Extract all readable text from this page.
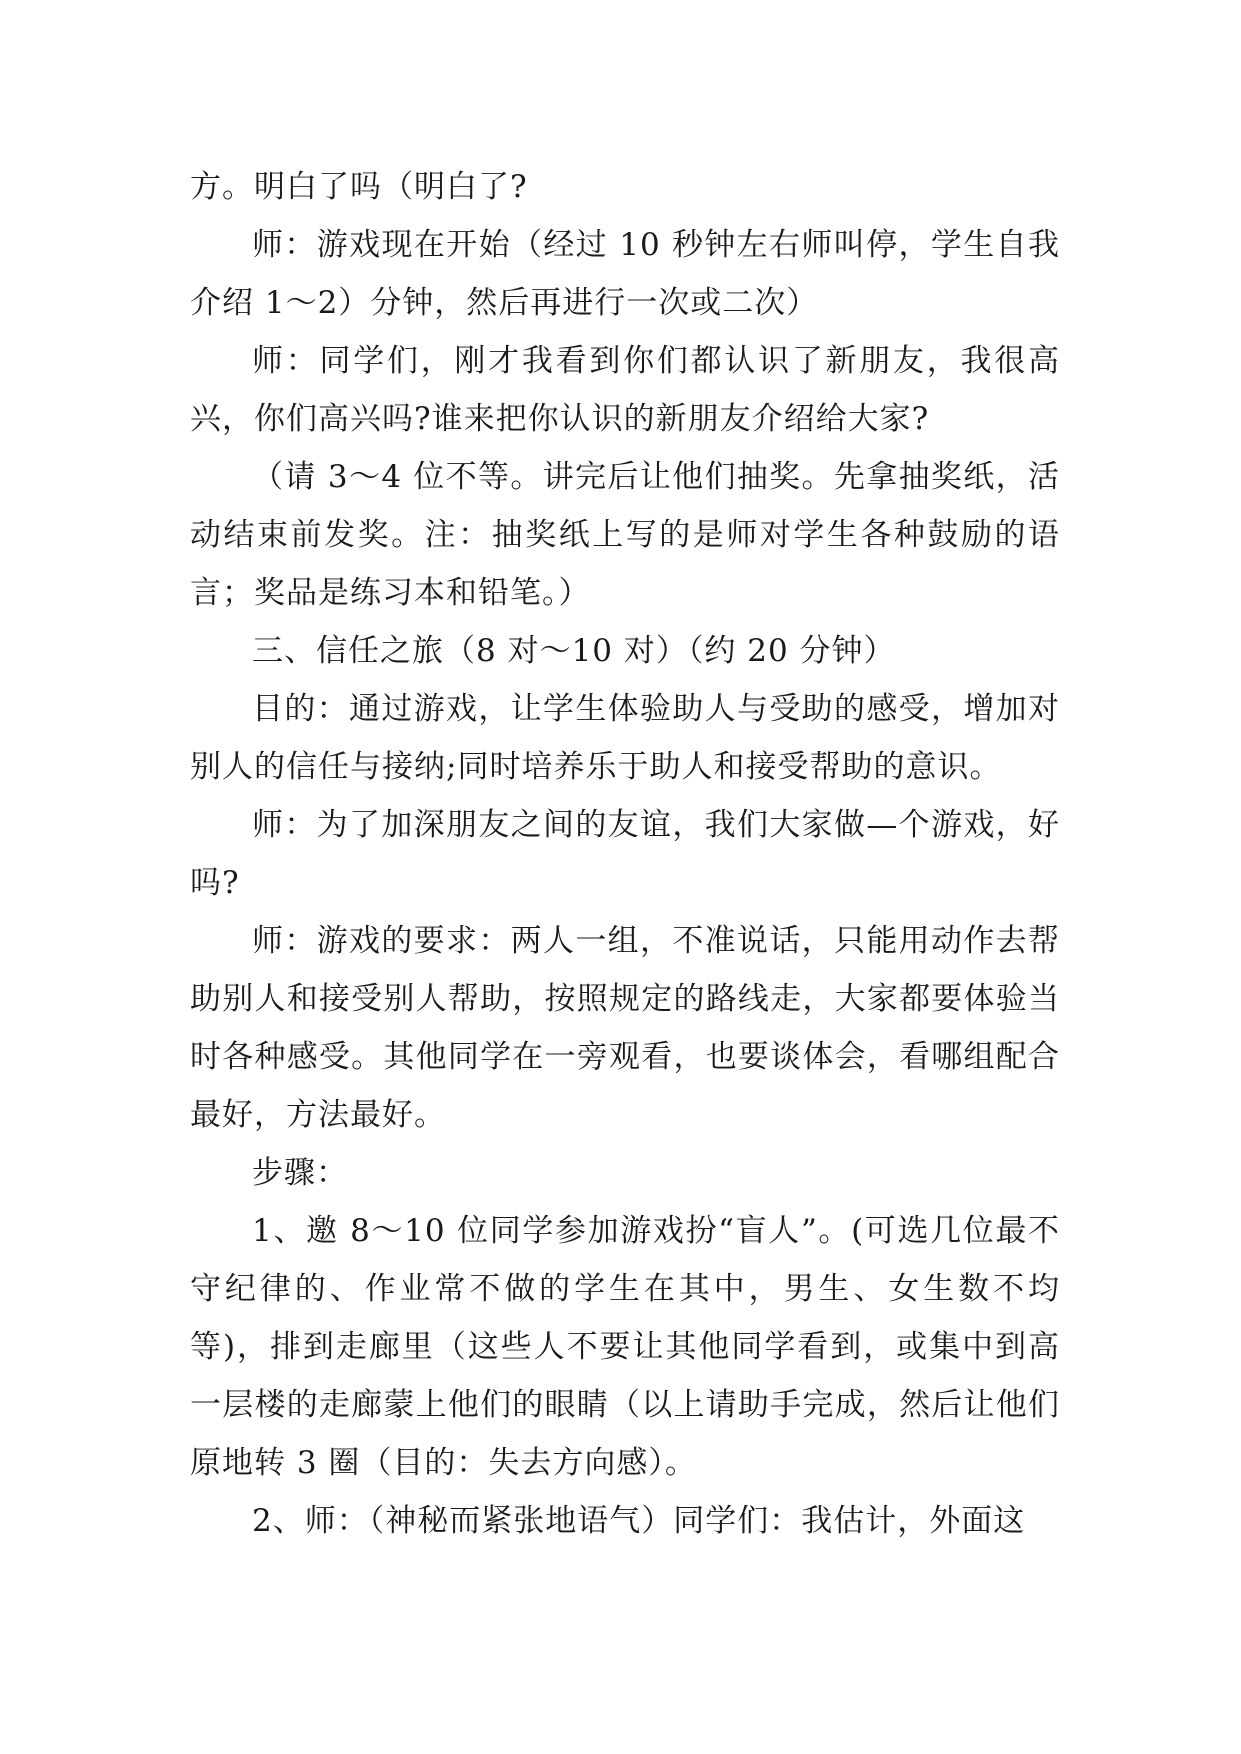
方。明白了吗（明白了?

师：游戏现在开始（经过 10 秒钟左右师叫停，学生自我介绍 1～2）分钟，然后再进行一次或二次）

师：同学们，刚才我看到你们都认识了新朋友，我很高兴，你们高兴吗?谁来把你认识的新朋友介绍给大家?

（请 3～4 位不等。讲完后让他们抽奖。先拿抽奖纸，活动结束前发奖。注：抽奖纸上写的是师对学生各种鼓励的语言；奖品是练习本和铅笔。）

三、信任之旅（8 对～10 对）（约 20 分钟）

目的：通过游戏，让学生体验助人与受助的感受，增加对别人的信任与接纳;同时培养乐于助人和接受帮助的意识。

师：为了加深朋友之间的友谊，我们大家做—个游戏，好吗?

师：游戏的要求：两人一组，不准说话，只能用动作去帮助别人和接受别人帮助，按照规定的路线走，大家都要体验当时各种感受。其他同学在一旁观看，也要谈体会，看哪组配合最好，方法最好。

步骤：

1、邀 8～10 位同学参加游戏扮“盲人”。(可选几位最不守纪律的、作业常不做的学生在其中，男生、女生数不均等)，排到走廊里（这些人不要让其他同学看到，或集中到高一层楼的走廊蒙上他们的眼睛（以上请助手完成，然后让他们原地转 3 圈（目的：失去方向感）。

2、师：（神秘而紧张地语气）同学们：我估计，外面这
